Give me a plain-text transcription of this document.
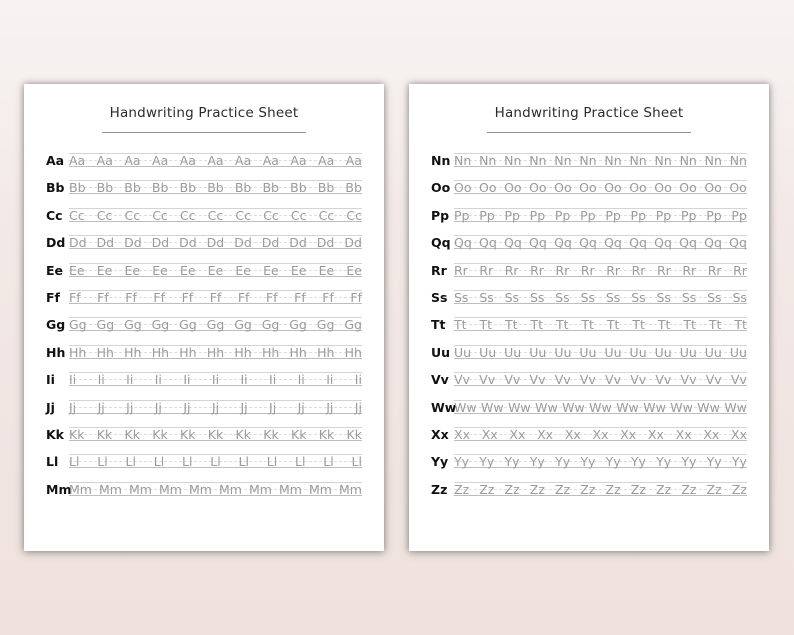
Handwriting Practice Sheet
Aa Aa Aa Aa Aa Aa Aa Aa Aa Aa Aa Aa
Bb Bb Bb Bb Bb Bb Bb Bb Bb Bb Bb Bb
Cc Cc Cc Cc Cc Cc Cc Cc Cc Cc Cc Cc
Dd Dd Dd Dd Dd Dd Dd Dd Dd Dd Dd Dd
Ee Ee Ee Ee Ee Ee Ee Ee Ee Ee Ee Ee
Ff Ff Ff Ff Ff Ff Ff Ff Ff Ff Ff Ff
Gg Gg Gg Gg Gg Gg Gg Gg Gg Gg Gg Gg
Hh Hh Hh Hh Hh Hh Hh Hh Hh Hh Hh Hh
Ii Ii Ii Ii Ii Ii Ii Ii Ii Ii Ii Ii
Jj Jj Jj Jj Jj Jj Jj Jj Jj Jj Jj Jj
Kk Kk Kk Kk Kk Kk Kk Kk Kk Kk Kk Kk
Ll Ll Ll Ll Ll Ll Ll Ll Ll Ll Ll Ll
Mm
Mm Mm Mm Mm Mm Mm Mm Mm Mm Mm
Handwriting Practice Sheet
Nn Nn Nn Nn Nn Nn Nn Nn Nn Nn Nn Nn Nn
Oo Oo Oo Oo Oo Oo Oo Oo Oo Oo Oo Oo Oo
Pp Pp Pp Pp Pp Pp Pp Pp Pp Pp Pp Pp Pp
Qq Qq Qq Qq Qq Qq Qq Qq Qq Qq Qq Qq Qq
Rr Rr Rr Rr Rr Rr Rr Rr Rr Rr Rr Rr Rr
Ss Ss Ss Ss Ss Ss Ss Ss Ss Ss Ss Ss Ss
Tt Tt Tt Tt Tt Tt Tt Tt Tt Tt Tt Tt Tt
Uu Uu Uu Uu Uu Uu Uu Uu Uu Uu Uu Uu Uu
Vv Vv Vv Vv Vv Vv Vv Vv Vv Vv Vv Vv Vv
Ww
Ww Ww Ww Ww Ww Ww Ww Ww Ww Ww Ww
Xx Xx Xx Xx Xx Xx Xx Xx Xx Xx Xx Xx
Yy Yy Yy Yy Yy Yy Yy Yy Yy Yy Yy Yy Yy
Zz Zz Zz Zz Zz Zz Zz Zz Zz Zz Zz Zz Zz
